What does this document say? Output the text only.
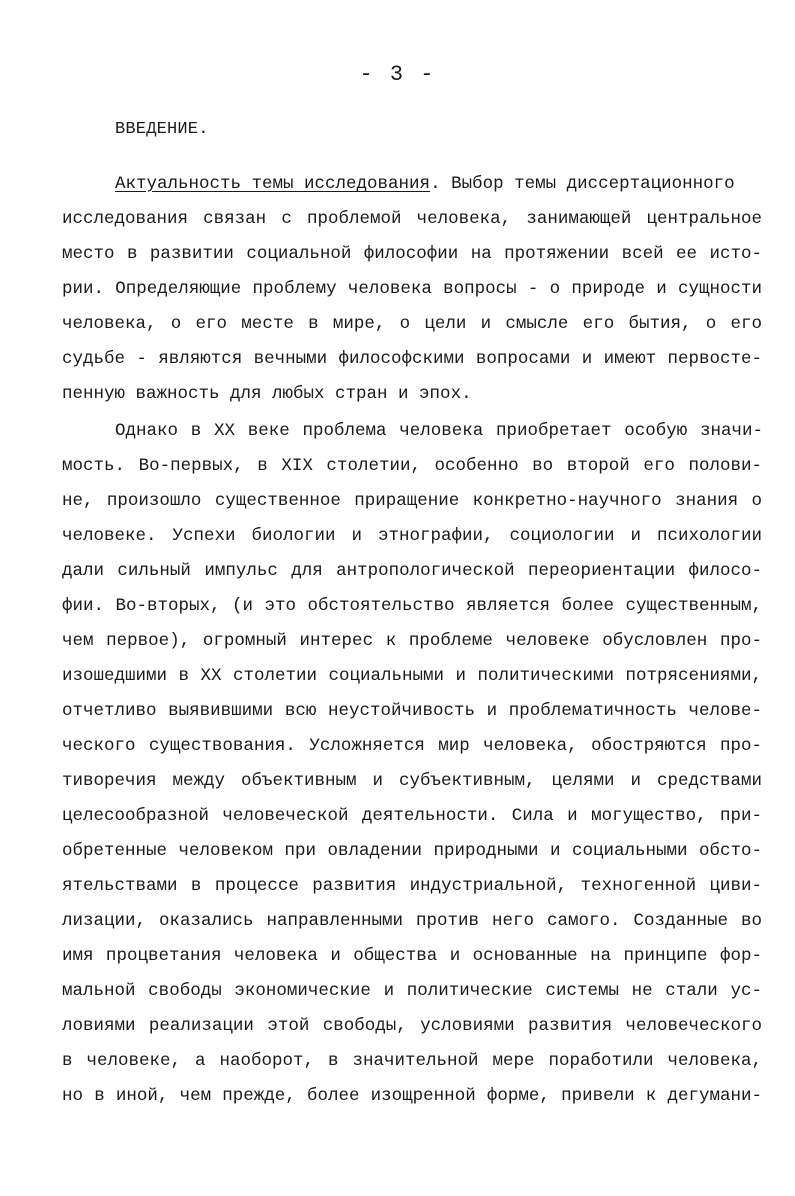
- 3 -
ВВЕДЕНИЕ.
Актуальность темы исследования. Выбор темы диссертационного
исследования связан с проблемой человека, занимающей центральное
место в развитии социальной философии на протяжении всей ее исто-
рии. Определяющие проблему человека вопросы - о природе и сущности
человека, о его месте в мире, о цели и смысле его бытия, о его
судьбе - являются вечными философскими вопросами и имеют первосте-
пенную важность для любых стран и эпох.
Однако в XX веке проблема человека приобретает особую значи-
мость. Во-первых, в XIX столетии, особенно во второй его полови-
не, произошло существенное приращение конкретно-научного знания о
человеке. Успехи биологии и этнографии, социологии и психологии
дали сильный импульс для антропологической переориентации филосо-
фии. Во-вторых, (и это обстоятельство является более существенным,
чем первое), огромный интерес к проблеме человеке обусловлен про-
изошедшими в XX столетии социальными и политическими потрясениями,
отчетливо выявившими всю неустойчивость и проблематичность челове-
ческого существования. Усложняется мир человека, обостряются про-
тиворечия между объективным и субъективным, целями и средствами
целесообразной человеческой деятельности. Сила и могущество, при-
обретенные человеком при овладении природными и социальными обсто-
ятельствами в процессе развития индустриальной, техногенной циви-
лизации, оказались направленными против него самого. Созданные во
имя процветания человека и общества и основанные на принципе фор-
мальной свободы экономические и политические системы не стали ус-
ловиями реализации этой свободы, условиями развития человеческого
в человеке, а наоборот, в значительной мере поработили человека,
но в иной, чем прежде, более изощренной форме, привели к дегумани-
